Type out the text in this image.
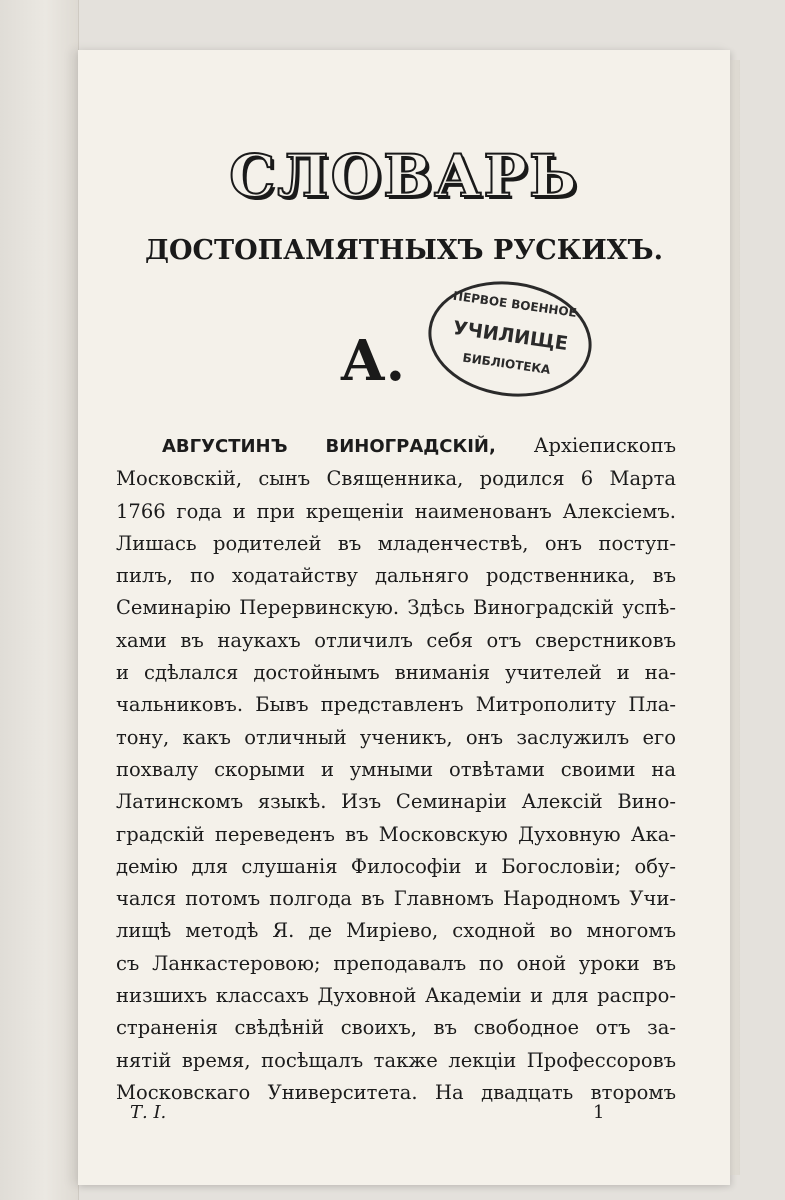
СЛОВАРЬ
ДОСТОПАМЯТНЫХЪ РУСКИХЪ.
А.
ПЕРВОЕ ВОЕННОЕ
УЧИЛИЩЕ
БИБЛІОТЕКА
АВГУСТИНЪ ВИНОГРАДСКІЙ, Архіепископъ
Московскій, сынъ Священника, родился 6 Марта
1766 года и при крещеніи наименованъ Алексіемъ.
Лишась родителей въ младенчествѣ, онъ поступ-
пилъ, по ходатайству дальняго родственника, въ
Семинарію Перервинскую. Здѣсь Виноградскій успѣ-
хами въ наукахъ отличилъ себя отъ сверстниковъ
и сдѣлался достойнымъ вниманія учителей и на-
чальниковъ. Бывъ представленъ Митрополиту Пла-
тону, какъ отличный ученикъ, онъ заслужилъ его
похвалу скорыми и умными отвѣтами своими на
Латинскомъ языкѣ. Изъ Семинаріи Алексій Вино-
градскій переведенъ въ Московскую Духовную Ака-
демію для слушанія Философіи и Богословіи; обу-
чался потомъ полгода въ Главномъ Народномъ Учи-
лищѣ методѣ Я. де Миріево, сходной во многомъ
съ Ланкастеровою; преподавалъ по оной уроки въ
низшихъ классахъ Духовной Академіи и для распро-
страненія свѣдѣній своихъ, въ свободное отъ за-
нятій время, посѣщалъ также лекціи Профессоровъ
Московскаго Университета. На двадцать второмъ
Т. I.	1
